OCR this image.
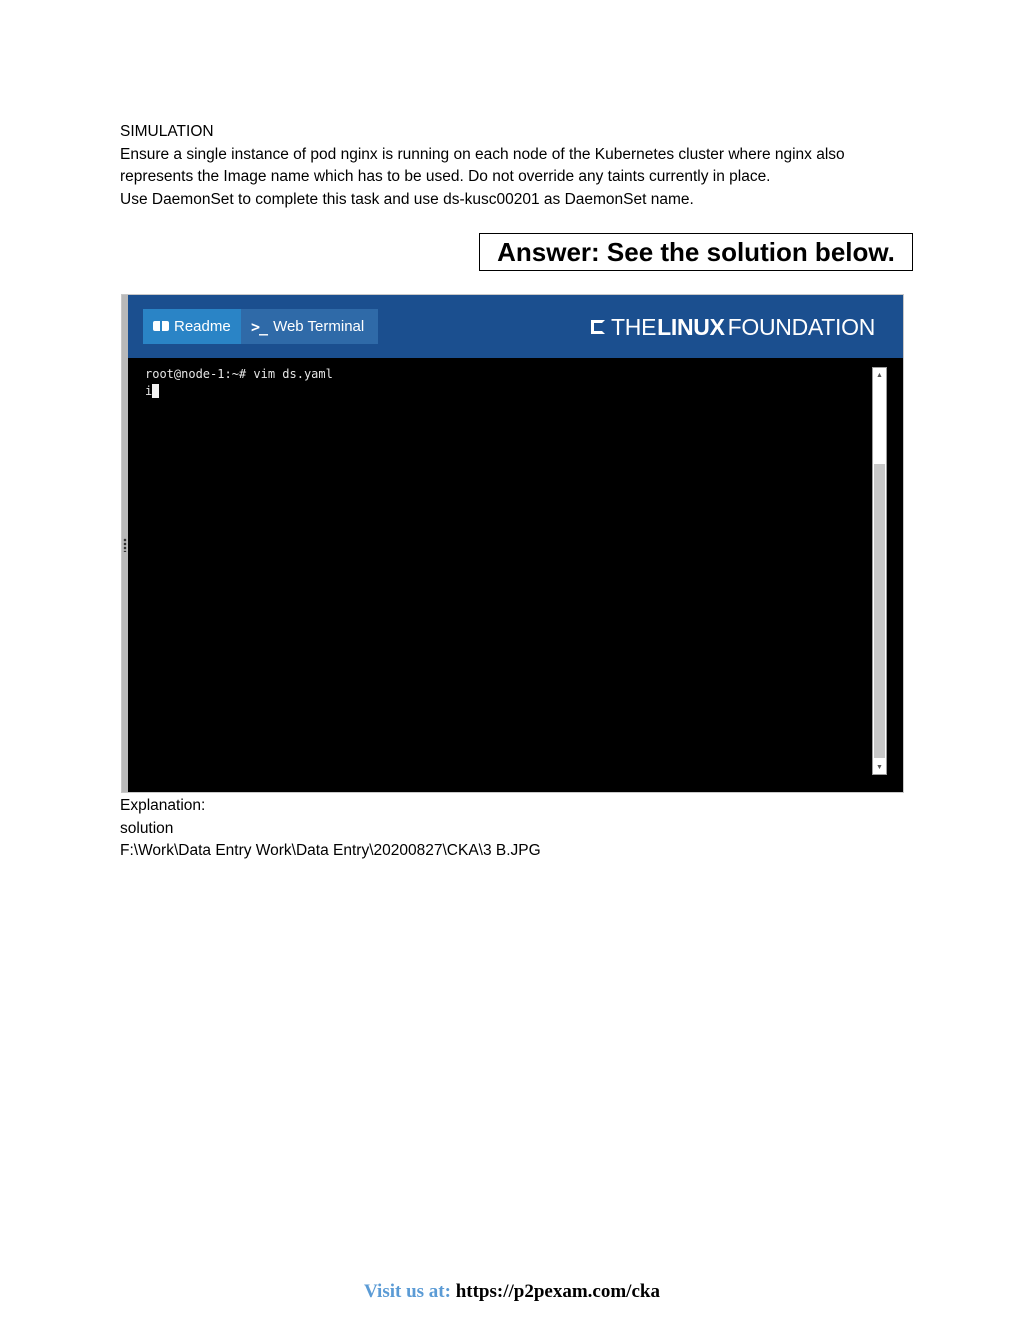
SIMULATION

Ensure a single instance of pod nginx is running on each node of the Kubernetes cluster where nginx also

represents the Image name which has to be used. Do not override any taints currently in place.

Use DaemonSet to complete this task and use ds-kusc00201 as DaemonSet name.

Answer: See the solution below.
Readme >_ Web Terminal	THE LINUX FOUNDATION
root@node-1:~# vim ds.yaml
i
▲
▼

Explanation:

solution

F:\Work\Data Entry Work\Data Entry\20200827\CKA\3 B.JPG

Visit us at: https://p2pexam.com/cka
